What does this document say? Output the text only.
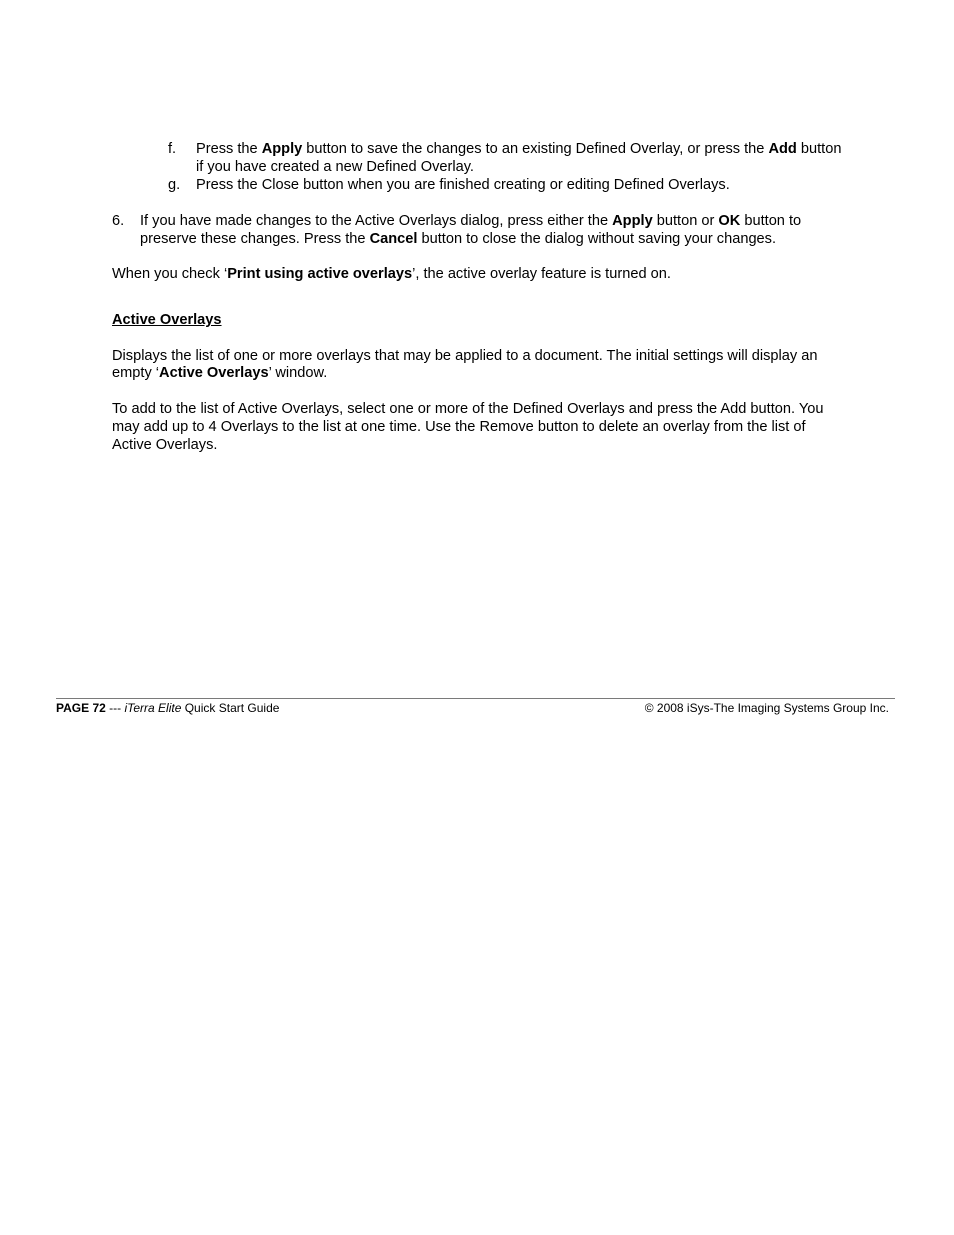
f. Press the Apply button to save the changes to an existing Defined Overlay, or press the Add button
if you have created a new Defined Overlay.
g. Press the Close button when you are finished creating or editing Defined Overlays.
6. If you have made changes to the Active Overlays dialog, press either the Apply button or OK button to
preserve these changes. Press the Cancel button to close the dialog without saving your changes.
When you check ‘Print using active overlays’, the active overlay feature is turned on.
Active Overlays
Displays the list of one or more overlays that may be applied to a document. The initial settings will display an
empty ‘Active Overlays’ window.
To add to the list of Active Overlays, select one or more of the Defined Overlays and press the Add button. You
may add up to 4 Overlays to the list at one time. Use the Remove button to delete an overlay from the list of
Active Overlays.
PAGE 72 --- iTerra Elite Quick Start Guide	© 2008 iSys-The Imaging Systems Group Inc.
